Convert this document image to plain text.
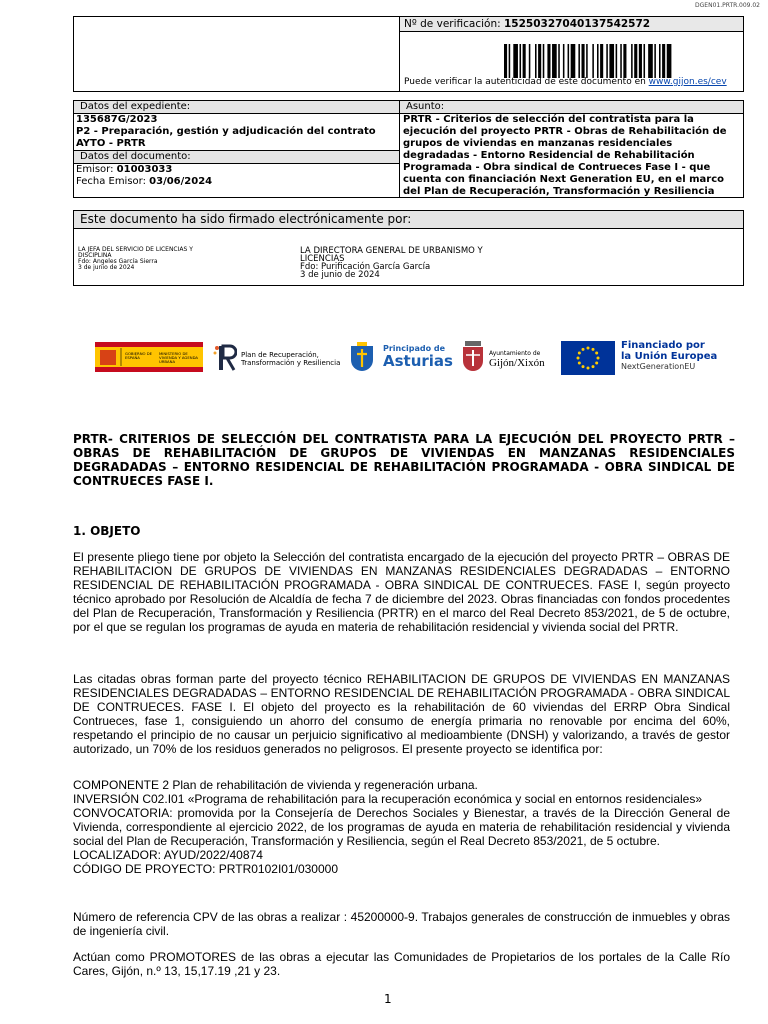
DGEN01.PRTR.009.02
Nº de verificación: 15250327040137542572
Puede verificar la autenticidad de este documento en www.gijon.es/cev
Datos del expediente:
135687G/2023
P2 - Preparación, gestión y adjudicación del contrato
AYTO - PRTR
Datos del documento:
Emisor: 01003033
Fecha Emisor: 03/06/2024
Asunto:
PRTR - Criterios de selección del contratista para la ejecución del proyecto PRTR - Obras de Rehabilitación de grupos de viviendas en manzanas residenciales degradadas - Entorno Residencial de Rehabilitación Programada - Obra sindical de Contrueces Fase I - que cuenta con financiación Next Generation EU, en el marco del Plan de Recuperación, Transformación y Resiliencia
Este documento ha sido firmado electrónicamente por:
LA JEFA DEL SERVICIO DE LICENCIAS Y DISCIPLINA
Fdo: Angeles García Sierra
3 de junio de 2024
LA DIRECTORA GENERAL DE URBANISMO Y LICENCIAS
Fdo: Purificación García García
3 de junio de 2024
GOBIERNO DE ESPAÑA
MINISTERIO DE VIVIENDA Y AGENDA URBANA
Plan de Recuperación,
Transformación y Resiliencia
Principado de
Asturias	Ayuntamiento de
Gijón/Xixón
Financiado por
la Unión Europea
NextGenerationEU
PRTR- CRITERIOS DE SELECCIÓN DEL CONTRATISTA PARA LA EJECUCIÓN DEL PROYECTO PRTR – OBRAS DE REHABILITACIÓN DE GRUPOS DE VIVIENDAS EN MANZANAS RESIDENCIALES DEGRADADAS – ENTORNO RESIDENCIAL DE REHABILITACIÓN PROGRAMADA - OBRA SINDICAL DE CONTRUECES FASE I.
1. OBJETO
El presente pliego tiene por objeto la Selección del contratista encargado de la ejecución del proyecto PRTR – OBRAS DE REHABILITACION DE GRUPOS DE VIVIENDAS EN MANZANAS RESIDENCIALES DEGRADADAS – ENTORNO RESIDENCIAL DE REHABILITACIÓN PROGRAMADA - OBRA SINDICAL DE CONTRUECES. FASE I, según proyecto técnico aprobado por Resolución de Alcaldía de fecha 7 de diciembre del 2023. Obras financiadas con fondos procedentes del Plan de Recuperación, Transformación y Resiliencia (PRTR) en el marco del Real Decreto 853/2021, de 5 de octubre, por el que se regulan los programas de ayuda en materia de rehabilitación residencial y vivienda social del PRTR.
Las citadas obras forman parte del proyecto técnico REHABILITACION DE GRUPOS DE VIVIENDAS EN MANZANAS RESIDENCIALES DEGRADADAS – ENTORNO RESIDENCIAL DE REHABILITACIÓN PROGRAMADA - OBRA SINDICAL DE CONTRUECES. FASE I. El objeto del proyecto es la rehabilitación de 60 viviendas del ERRP Obra Sindical Contrueces, fase 1, consiguiendo un ahorro del consumo de energía primaria no renovable por encima del 60%, respetando el principio de no causar un perjuicio significativo al medioambiente (DNSH) y valorizando, a través de gestor autorizado, un 70% de los residuos generados no peligrosos. El presente proyecto se identifica por:
COMPONENTE 2 Plan de rehabilitación de vivienda y regeneración urbana.
INVERSIÓN C02.I01 «Programa de rehabilitación para la recuperación económica y social en entornos residenciales»
CONVOCATORIA: promovida por la Consejería de Derechos Sociales y Bienestar, a través de la Dirección General de Vivienda, correspondiente al ejercicio 2022, de los programas de ayuda en materia de rehabilitación residencial y vivienda social del Plan de Recuperación, Transformación y Resiliencia, según el Real Decreto 853/2021, de 5 octubre.
LOCALIZADOR: AYUD/2022/40874
CÓDIGO DE PROYECTO: PRTR0102I01/030000
Número de referencia CPV de las obras a realizar : 45200000-9. Trabajos generales de construcción de inmuebles y obras de ingeniería civil.
Actúan como PROMOTORES de las obras a ejecutar las Comunidades de Propietarios de los portales de la Calle Río Cares, Gijón, n.º 13, 15,17.19 ,21 y 23.
1
